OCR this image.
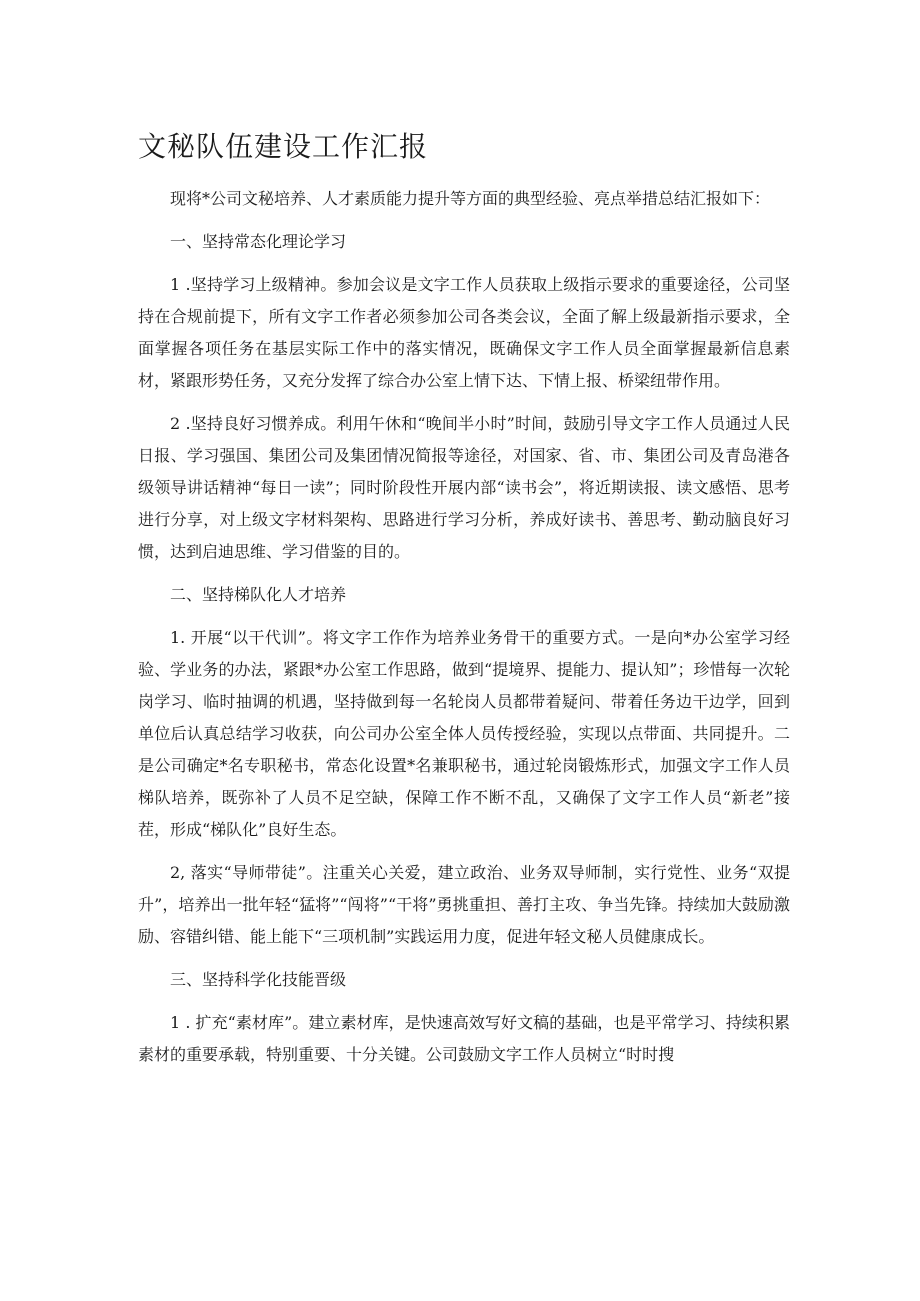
文秘队伍建设工作汇报

现将*公司文秘培养、人才素质能力提升等方面的典型经验、亮点举措总结汇报如下：

一、坚持常态化理论学习

1 .坚持学习上级精神。参加会议是文字工作人员获取上级指示要求的重要途径，公司坚持在合规前提下，所有文字工作者必须参加公司各类会议，全面了解上级最新指示要求，全面掌握各项任务在基层实际工作中的落实情况，既确保文字工作人员全面掌握最新信息素材，紧跟形势任务，又充分发挥了综合办公室上情下达、下情上报、桥梁纽带作用。

2 .坚持良好习惯养成。利用午休和“晚间半小时”时间，鼓励引导文字工作人员通过人民日报、学习强国、集团公司及集团情况简报等途径，对国家、省、市、集团公司及青岛港各级领导讲话精神“每日一读”；同时阶段性开展内部“读书会”，将近期读报、读文感悟、思考进行分享，对上级文字材料架构、思路进行学习分析，养成好读书、善思考、勤动脑良好习惯，达到启迪思维、学习借鉴的目的。

二、坚持梯队化人才培养

1. 开展“以干代训”。将文字工作作为培养业务骨干的重要方式。一是向*办公室学习经验、学业务的办法，紧跟*办公室工作思路，做到“提境界、提能力、提认知”；珍惜每一次轮岗学习、临时抽调的机遇，坚持做到每一名轮岗人员都带着疑问、带着任务边干边学，回到单位后认真总结学习收获，向公司办公室全体人员传授经验，实现以点带面、共同提升。二是公司确定*名专职秘书，常态化设置*名兼职秘书，通过轮岗锻炼形式，加强文字工作人员梯队培养，既弥补了人员不足空缺，保障工作不断不乱，又确保了文字工作人员“新老”接茬，形成“梯队化”良好生态。

2, 落实“导师带徒”。注重关心关爱，建立政治、业务双导师制，实行党性、业务“双提升”，培养出一批年轻“猛将”“闯将”“干将”勇挑重担、善打主攻、争当先锋。持续加大鼓励激励、容错纠错、能上能下“三项机制”实践运用力度，促进年轻文秘人员健康成长。

三、坚持科学化技能晋级

1 . 扩充“素材库”。建立素材库，是快速高效写好文稿的基础，也是平常学习、持续积累素材的重要承载，特别重要、十分关键。公司鼓励文字工作人员树立“时时搜
